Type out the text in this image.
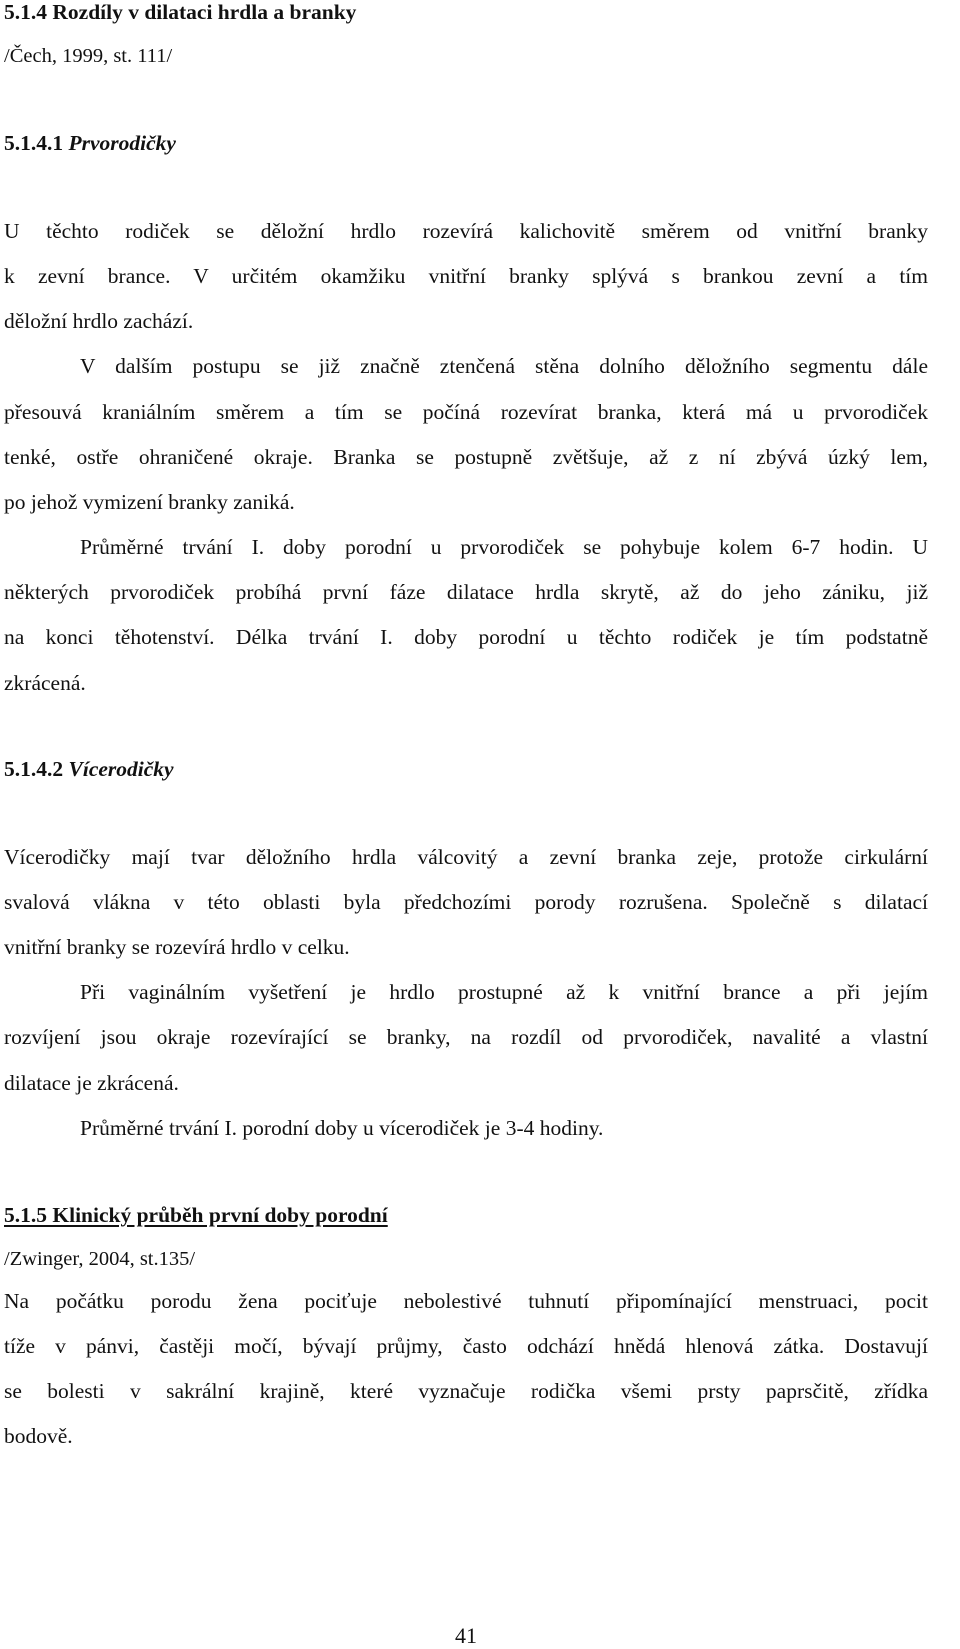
5.1.4 Rozdíly v dilataci hrdla a branky
/Čech, 1999, st. 111/
5.1.4.1 Prvorodičky
U těchto rodiček se děložní hrdlo rozevírá kalichovitě směrem od vnitřní branky
k zevní brance. V určitém okamžiku vnitřní branky splývá s brankou zevní a tím
děložní hrdlo zachází.
V dalším postupu se již značně ztenčená stěna dolního děložního segmentu dále
přesouvá kraniálním směrem a tím se počíná rozevírat branka, která má u prvorodiček
tenké, ostře ohraničené okraje. Branka se postupně zvětšuje, až z ní zbývá úzký lem,
po jehož vymizení branky zaniká.
Průměrné trvání I. doby porodní u prvorodiček se pohybuje kolem 6-7 hodin. U
některých prvorodiček probíhá první fáze dilatace hrdla skrytě, až do jeho zániku, již
na konci těhotenství. Délka trvání I. doby porodní u těchto rodiček je tím podstatně
zkrácená.
5.1.4.2 Vícerodičky
Vícerodičky mají tvar děložního hrdla válcovitý a zevní branka zeje, protože cirkulární
svalová vlákna v této oblasti byla předchozími porody rozrušena. Společně s dilatací
vnitřní branky se rozevírá hrdlo v celku.
Při vaginálním vyšetření je hrdlo prostupné až k vnitřní brance a při jejím
rozvíjení jsou okraje rozevírající se branky, na rozdíl od prvorodiček, navalité a vlastní
dilatace je zkrácená.
Průměrné trvání I. porodní doby u vícerodiček je 3-4 hodiny.
5.1.5 Klinický průběh první doby porodní
/Zwinger, 2004, st.135/
Na počátku porodu žena pociťuje nebolestivé tuhnutí připomínající menstruaci, pocit
tíže v pánvi, častěji močí, bývají průjmy, často odchází hnědá hlenová zátka. Dostavují
se bolesti v sakrální krajině, které vyznačuje rodička všemi prsty paprsčitě, zřídka
bodově.
41
